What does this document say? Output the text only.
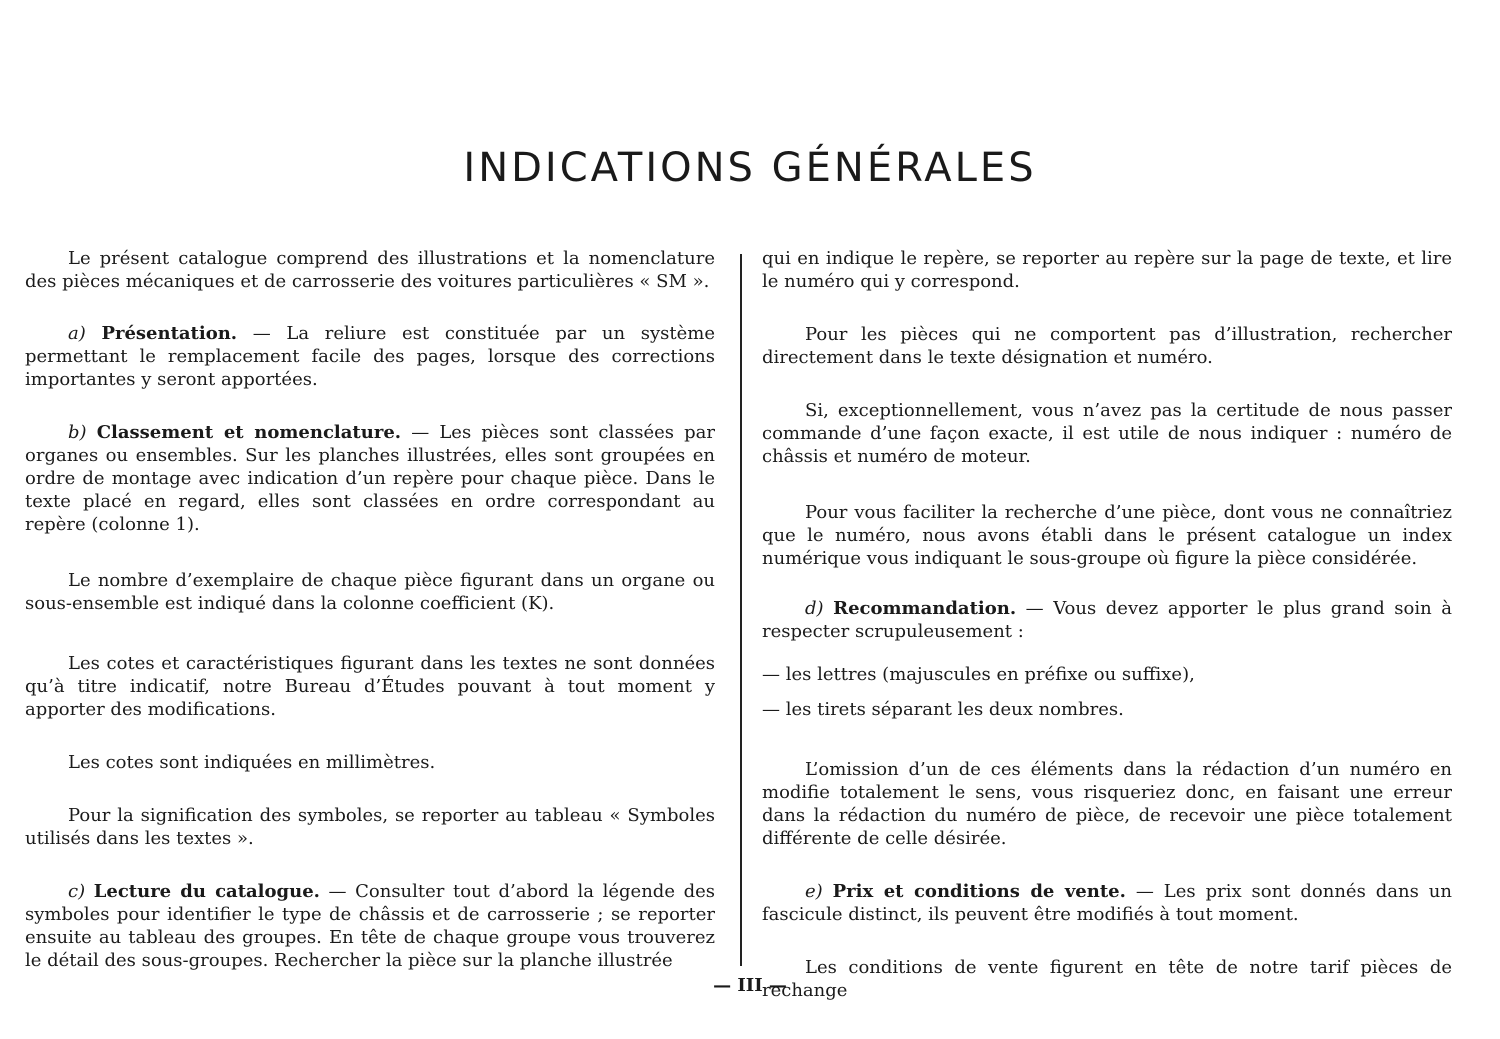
INDICATIONS GÉNÉRALES

Le présent catalogue comprend des illustrations et la nomenclature des pièces mécaniques et de carrosserie des voitures particulières « SM ».

a) Présentation. — La reliure est constituée par un système permettant le remplacement facile des pages, lorsque des corrections importantes y seront apportées.

b) Classement et nomenclature. — Les pièces sont classées par organes ou ensembles. Sur les planches illustrées, elles sont groupées en ordre de montage avec indication d’un repère pour chaque pièce. Dans le texte placé en regard, elles sont classées en ordre correspondant au repère (colonne 1).

Le nombre d’exemplaire de chaque pièce figurant dans un organe ou sous-ensemble est indiqué dans la colonne coefficient (K).

Les cotes et caractéristiques figurant dans les textes ne sont données qu’à titre indicatif, notre Bureau d’Études pouvant à tout moment y apporter des modifications.

Les cotes sont indiquées en millimètres.

Pour la signification des symboles, se reporter au tableau « Symboles utilisés dans les textes ».

c) Lecture du catalogue. — Consulter tout d’abord la légende des symboles pour identifier le type de châssis et de carrosserie ; se reporter ensuite au tableau des groupes. En tête de chaque groupe vous trouverez le détail des sous-groupes. Rechercher la pièce sur la planche illustrée

qui en indique le repère, se reporter au repère sur la page de texte, et lire le numéro qui y correspond.

Pour les pièces qui ne comportent pas d’illustration, rechercher directement dans le texte désignation et numéro.

Si, exceptionnellement, vous n’avez pas la certitude de nous passer commande d’une façon exacte, il est utile de nous indiquer : numéro de châssis et numéro de moteur.

Pour vous faciliter la recherche d’une pièce, dont vous ne connaîtriez que le numéro, nous avons établi dans le présent catalogue un index numérique vous indiquant le sous-groupe où figure la pièce considérée.

d) Recommandation. — Vous devez apporter le plus grand soin à respecter scrupuleusement :

— les lettres (majuscules en préfixe ou suffixe),

— les tirets séparant les deux nombres.

L’omission d’un de ces éléments dans la rédaction d’un numéro en modifie totalement le sens, vous risqueriez donc, en faisant une erreur dans la rédaction du numéro de pièce, de recevoir une pièce totalement différente de celle désirée.

e) Prix et conditions de vente. — Les prix sont donnés dans un fascicule distinct, ils peuvent être modifiés à tout moment.

Les conditions de vente figurent en tête de notre tarif pièces de rechange

— III —
